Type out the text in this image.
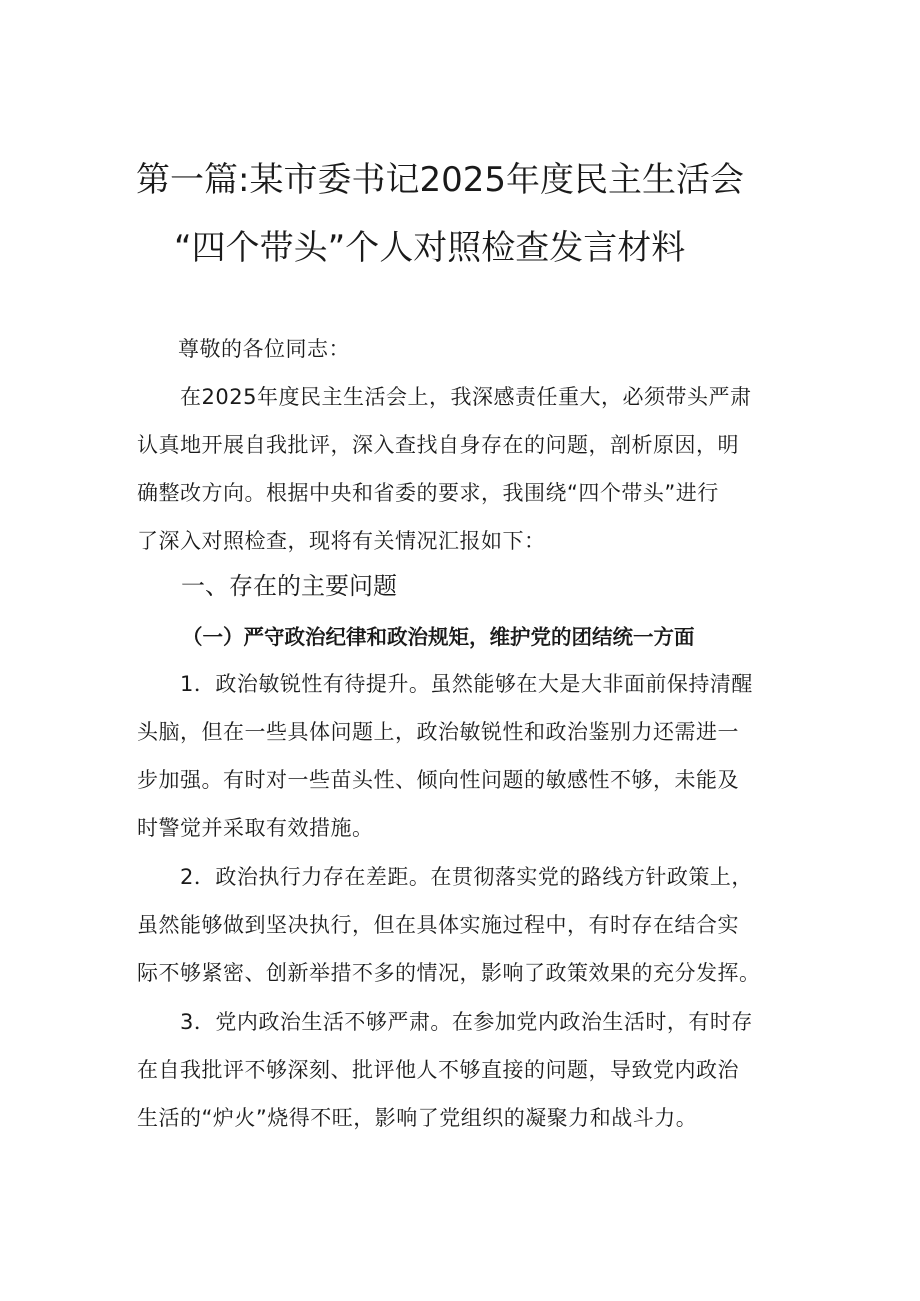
第一篇:某市委书记2025年度民主生活会
“四个带头”个人对照检查发言材料
尊敬的各位同志：
　　在2025年度民主生活会上，我深感责任重大，必须带头严肃
认真地开展自我批评，深入查找自身存在的问题，剖析原因，明
确整改方向。根据中央和省委的要求，我围绕“四个带头”进行
了深入对照检查，现将有关情况汇报如下：
一、存在的主要问题
（一）严守政治纪律和政治规矩，维护党的团结统一方面
　　1．政治敏锐性有待提升。虽然能够在大是大非面前保持清醒
头脑，但在一些具体问题上，政治敏锐性和政治鉴别力还需进一
步加强。有时对一些苗头性、倾向性问题的敏感性不够，未能及
时警觉并采取有效措施。
　　2．政治执行力存在差距。在贯彻落实党的路线方针政策上，
虽然能够做到坚决执行，但在具体实施过程中，有时存在结合实
际不够紧密、创新举措不多的情况，影响了政策效果的充分发挥。
　　3．党内政治生活不够严肃。在参加党内政治生活时，有时存
在自我批评不够深刻、批评他人不够直接的问题，导致党内政治
生活的“炉火”烧得不旺，影响了党组织的凝聚力和战斗力。
